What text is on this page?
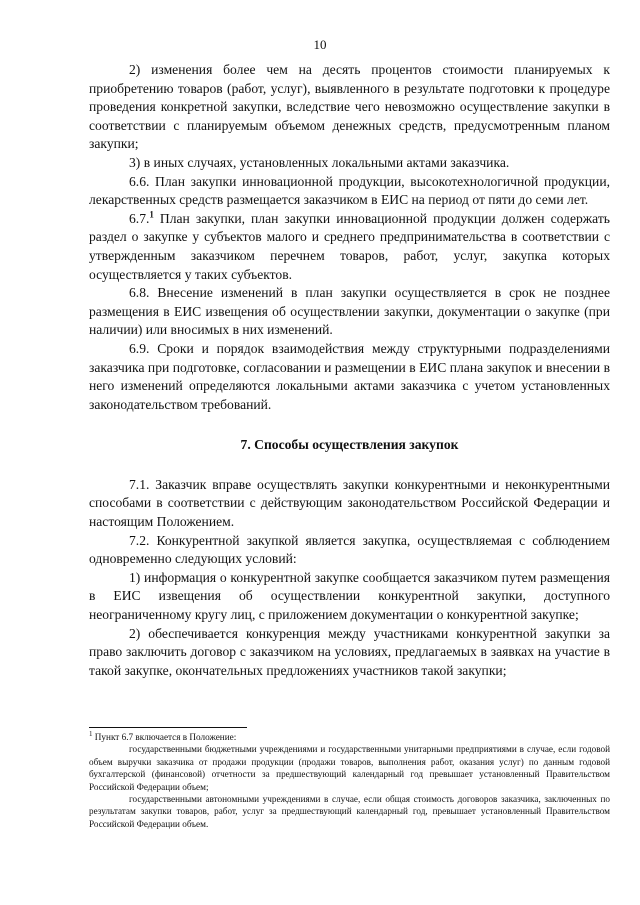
10

2) изменения более чем на десять процентов стоимости планируемых к приобретению товаров (работ, услуг), выявленного в результате подготовки к процедуре проведения конкретной закупки, вследствие чего невозможно осуществление закупки в соответствии с планируемым объемом денежных средств, предусмотренным планом закупки;

3) в иных случаях, установленных локальными актами заказчика.

6.6. План закупки инновационной продукции, высокотехнологичной продукции, лекарственных средств размещается заказчиком в ЕИС на период от пяти до семи лет.

6.7.$^1$ План закупки, план закупки инновационной продукции должен содержать раздел о закупке у субъектов малого и среднего предпринимательства в соответствии с утвержденным заказчиком перечнем товаров, работ, услуг, закупка которых осуществляется у таких субъектов.

6.8. Внесение изменений в план закупки осуществляется в срок не позднее размещения в ЕИС извещения об осуществлении закупки, документации о закупке (при наличии) или вносимых в них изменений.

6.9. Сроки и порядок взаимодействия между структурными подразделениями заказчика при подготовке, согласовании и размещении в ЕИС плана закупок и внесении в него изменений определяются локальными актами заказчика с учетом установленных законодательством требований.

7. Способы осуществления закупок

7.1. Заказчик вправе осуществлять закупки конкурентными и неконкурентными способами в соответствии с действующим законодательством Российской Федерации и настоящим Положением.

7.2. Конкурентной закупкой является закупка, осуществляемая с соблюдением одновременно следующих условий:

1) информация о конкурентной закупке сообщается заказчиком путем размещения в ЕИС извещения об осуществлении конкурентной закупки, доступного неограниченному кругу лиц, с приложением документации о конкурентной закупке;

2) обеспечивается конкуренция между участниками конкурентной закупки за право заключить договор с заказчиком на условиях, предлагаемых в заявках на участие в такой закупке, окончательных предложениях участников такой закупки;

$^1$ Пункт 6.7 включается в Положение:

государственными бюджетными учреждениями и государственными унитарными предприятиями в случае, если годовой объем выручки заказчика от продажи продукции (продажи товаров, выполнения работ, оказания услуг) по данным годовой бухгалтерской (финансовой) отчетности за предшествующий календарный год превышает установленный Правительством Российской Федерации объем;

государственными автономными учреждениями в случае, если общая стоимость договоров заказчика, заключенных по результатам закупки товаров, работ, услуг за предшествующий календарный год, превышает установленный Правительством Российской Федерации объем.
